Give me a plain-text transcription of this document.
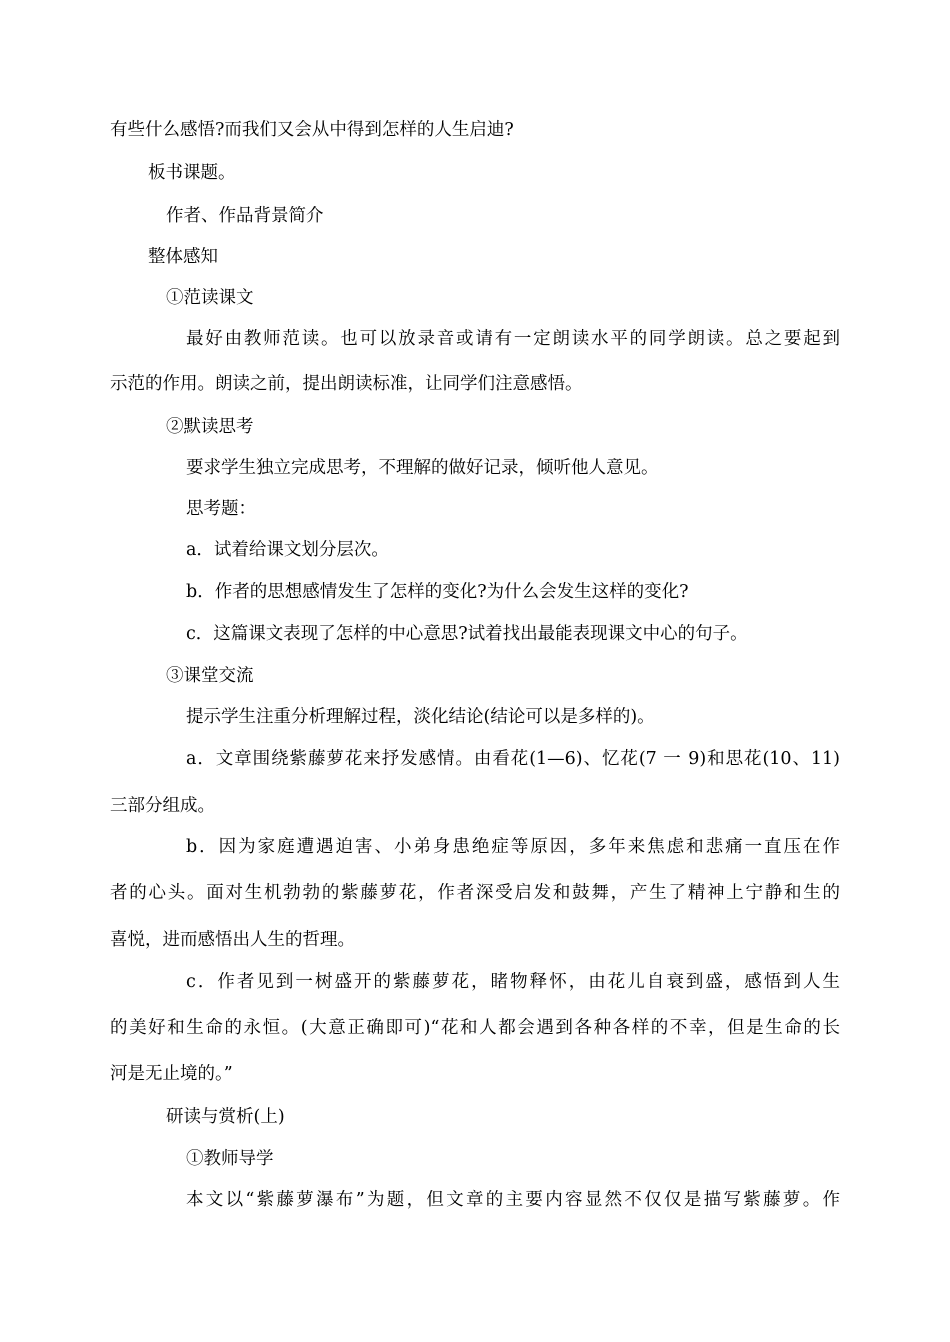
有些什么感悟?而我们又会从中得到怎样的人生启迪?
板书课题。
作者、作品背景简介
整体感知
①范读课文
最好由教师范读。也可以放录音或请有一定朗读水平的同学朗读。总之要起到
示范的作用。朗读之前，提出朗读标准，让同学们注意感悟。
②默读思考
要求学生独立完成思考，不理解的做好记录，倾听他人意见。
思考题：
a．试着给课文划分层次。
b．作者的思想感情发生了怎样的变化?为什么会发生这样的变化?
c．这篇课文表现了怎样的中心意思?试着找出最能表现课文中心的句子。
③课堂交流
提示学生注重分析理解过程，淡化结论(结论可以是多样的)。
a．文章围绕紫藤萝花来抒发感情。由看花(1—6)、忆花(7 一 9)和思花(10、11)
三部分组成。
b．因为家庭遭遇迫害、小弟身患绝症等原因，多年来焦虑和悲痛一直压在作
者的心头。面对生机勃勃的紫藤萝花，作者深受启发和鼓舞，产生了精神上宁静和生的
喜悦，进而感悟出人生的哲理。
c．作者见到一树盛开的紫藤萝花，睹物释怀，由花儿自衰到盛，感悟到人生
的美好和生命的永恒。(大意正确即可)“花和人都会遇到各种各样的不幸，但是生命的长
河是无止境的。”
研读与赏析(上)
①教师导学
本文以“紫藤萝瀑布”为题，但文章的主要内容显然不仅仅是描写紫藤萝。作
